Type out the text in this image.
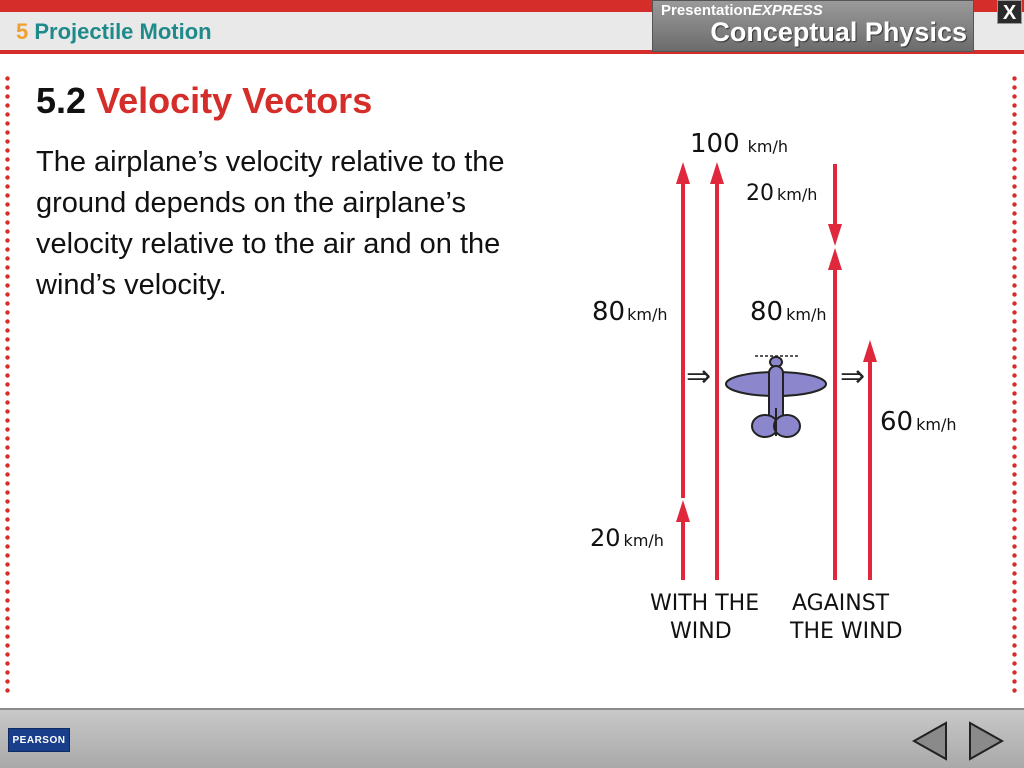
5 Projectile Motion
PresentationEXPRESS
Conceptual Physics
X
5.2 Velocity Vectors
The airplane’s velocity relative to the ground depends on the airplane’s velocity relative to the air and on the wind’s velocity.
⇒	⇒
100 km/h
80 km/h
20 km/h
20 km/h
80 km/h
60 km/h
WITH THE
WIND
AGAINST
THE WIND
PEARSON
